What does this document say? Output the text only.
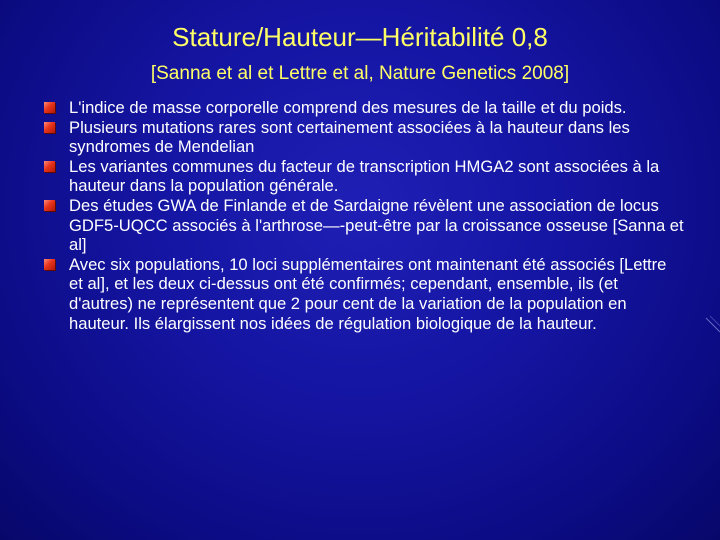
Stature/Hauteur—Héritabilité 0,8
[Sanna et al et Lettre et al, Nature Genetics 2008]
L'indice de masse corporelle comprend des mesures de la taille et du poids.
Plusieurs mutations rares sont certainement associées à la hauteur dans les syndromes de Mendelian
Les variantes communes du facteur de transcription HMGA2 sont associées à la hauteur dans la population générale.
Des études GWA de Finlande et de Sardaigne révèlent une association de locus GDF5-UQCC associés à l'arthrose—-peut-être par la croissance osseuse [Sanna et al]
Avec six populations, 10 loci supplémentaires ont maintenant été associés [Lettre et al], et les deux ci-dessus ont été confirmés; cependant, ensemble, ils (et d'autres) ne représentent que 2 pour cent de la variation de la population en hauteur. Ils élargissent nos idées de régulation biologique de la hauteur.
